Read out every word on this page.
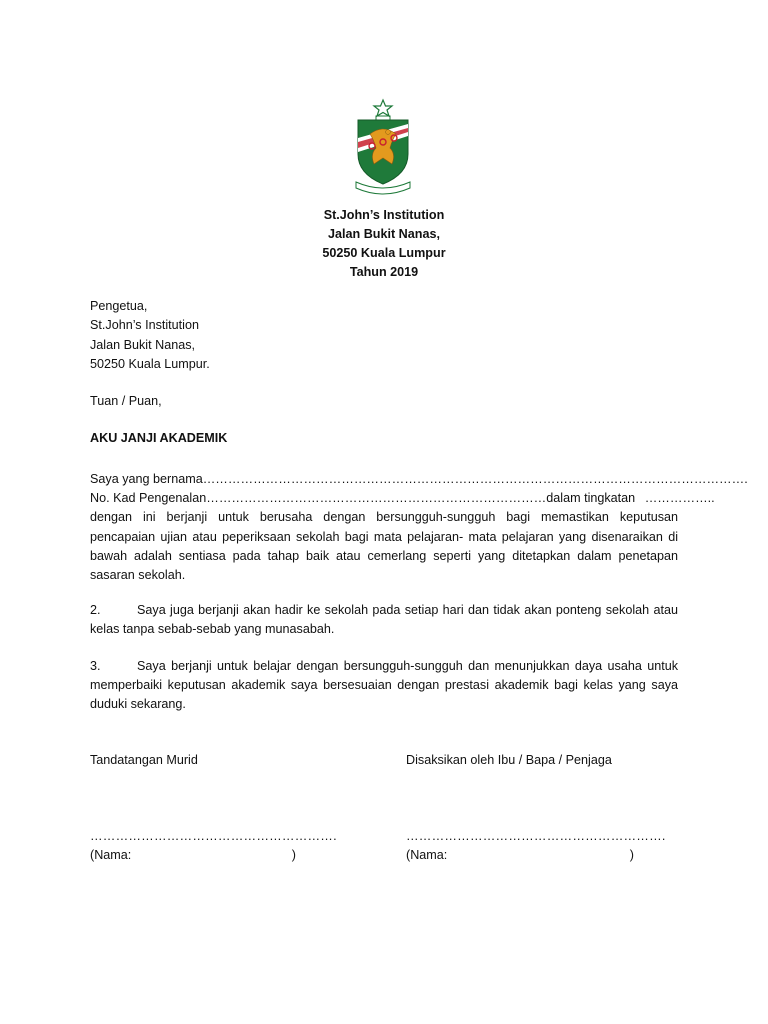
St.John’s Institution
Jalan Bukit Nanas,
50250 Kuala Lumpur
Tahun 2019
Pengetua,
St.John’s Institution
Jalan Bukit Nanas,
50250 Kuala Lumpur.
Tuan / Puan,
AKU JANJI AKADEMIK
Saya yang bernama………………………………………………………………………………………………………………….
No. Kad Pengenalan……………………………………………………………………… dalam tingkatan ……………..
dengan ini berjanji untuk berusaha dengan bersungguh-sungguh bagi memastikan keputusan pencapaian ujian atau peperiksaan sekolah bagi mata pelajaran- mata pelajaran yang disenaraikan di bawah adalah sentiasa pada tahap baik atau cemerlang seperti yang ditetapkan dalam penetapan sasaran sekolah.
2.	Saya juga berjanji akan hadir ke sekolah pada setiap hari dan tidak akan ponteng sekolah atau kelas tanpa sebab-sebab yang munasabah.
3.	Saya berjanji untuk belajar dengan bersungguh-sungguh dan menunjukkan daya usaha untuk memperbaiki keputusan akademik saya bersesuaian dengan prestasi akademik bagi kelas yang saya duduki sekarang.
Tandatangan Murid	Disaksikan oleh Ibu / Bapa / Penjaga
………………………………………………….	…………………………………………………….
(Nama:	)	(Nama:	)
